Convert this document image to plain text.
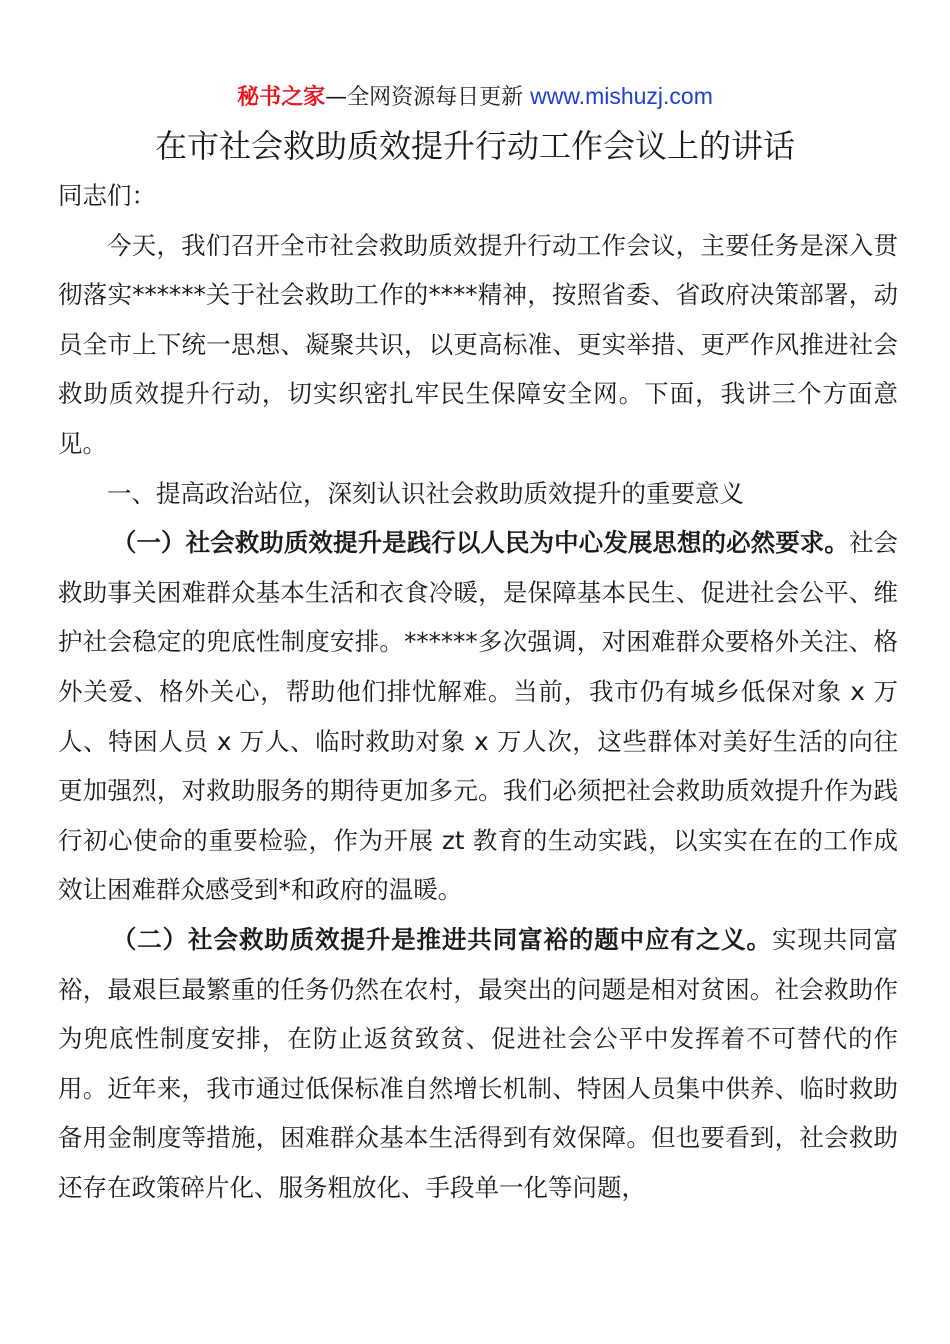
秘书之家—全网资源每日更新 www.mishuzj.com
在市社会救助质效提升行动工作会议上的讲话

同志们：

今天，我们召开全市社会救助质效提升行动工作会议，主要任务是深入贯彻落实******关于社会救助工作的****精神，按照省委、省政府决策部署，动员全市上下统一思想、凝聚共识，以更高标准、更实举措、更严作风推进社会救助质效提升行动，切实织密扎牢民生保障安全网。下面，我讲三个方面意见。

一、提高政治站位，深刻认识社会救助质效提升的重要意义

（一）社会救助质效提升是践行以人民为中心发展思想的必然要求。社会救助事关困难群众基本生活和衣食冷暖，是保障基本民生、促进社会公平、维护社会稳定的兜底性制度安排。******多次强调，对困难群众要格外关注、格外关爱、格外关心，帮助他们排忧解难。当前，我市仍有城乡低保对象 x 万人、特困人员 x 万人、临时救助对象 x 万人次，这些群体对美好生活的向往更加强烈，对救助服务的期待更加多元。我们必须把社会救助质效提升作为践行初心使命的重要检验，作为开展 zt 教育的生动实践，以实实在在的工作成效让困难群众感受到*和政府的温暖。

（二）社会救助质效提升是推进共同富裕的题中应有之义。实现共同富裕，最艰巨最繁重的任务仍然在农村，最突出的问题是相对贫困。社会救助作为兜底性制度安排，在防止返贫致贫、促进社会公平中发挥着不可替代的作用。近年来，我市通过低保标准自然增长机制、特困人员集中供养、临时救助备用金制度等措施，困难群众基本生活得到有效保障。但也要看到，社会救助还存在政策碎片化、服务粗放化、手段单一化等问题，
